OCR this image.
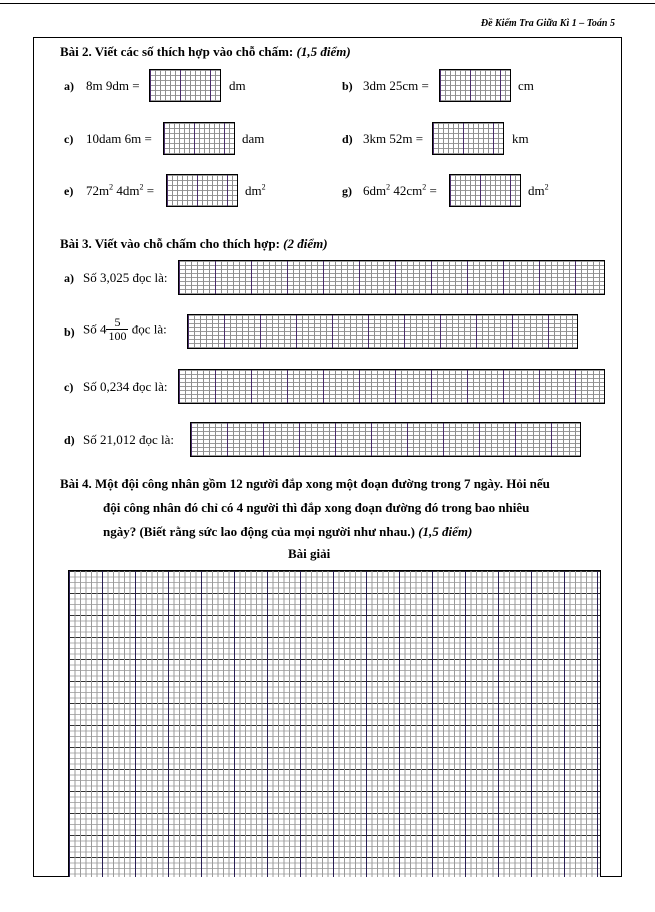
Đề Kiểm Tra Giữa Kì 1 – Toán 5
Bài 2. Viết các số thích hợp vào chỗ chấm: (1,5 điểm)
a) 8m 9dm =	dm	b) 3dm 25cm =	cm
c) 10dam 6m =	dam	d) 3km 52m =	km
e) $72m^2$ $4dm^2$ =	$dm^2$	g) $6dm^2$ $42cm^2$ =	$dm^2$
Bài 3. Viết vào chỗ chấm cho thích hợp: (2 điểm)
a) Số 3,025 đọc là:
b) Số $4 \frac{5}{100}$ đọc là:
c) Số 0,234 đọc là:
d) Số 21,012 đọc là:
Bài 4. Một đội công nhân gồm 12 người đắp xong một đoạn đường trong 7 ngày. Hỏi nếu
đội công nhân đó chỉ có 4 người thì đắp xong đoạn đường đó trong bao nhiêu
ngày? (Biết rằng sức lao động của mọi người như nhau.) (1,5 điểm)
Bài giải
